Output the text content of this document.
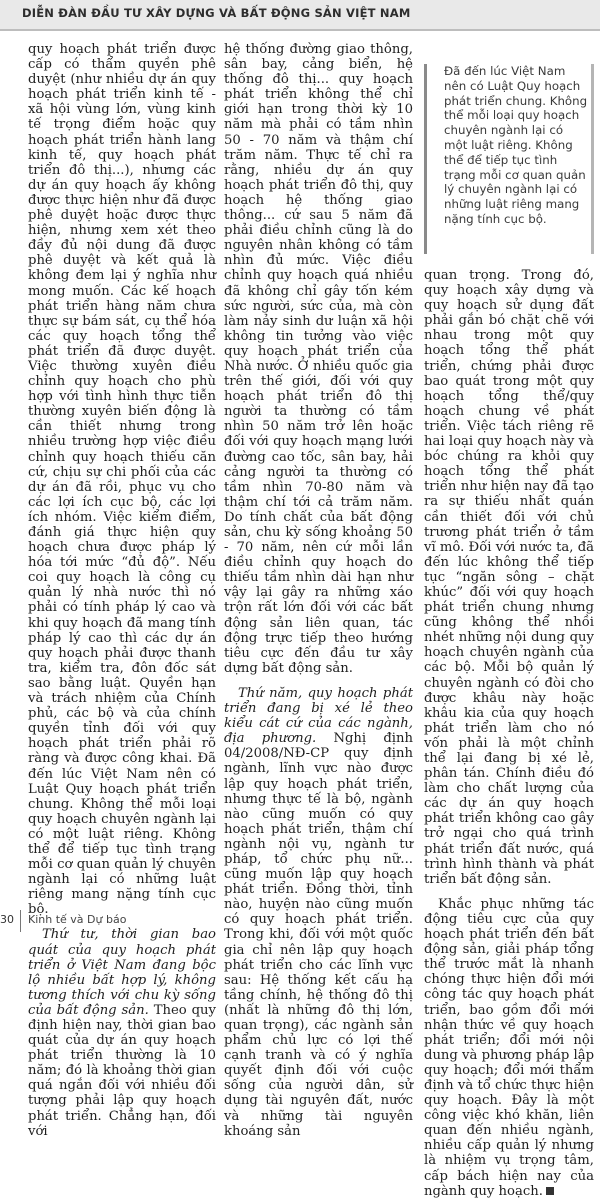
DIỄN ĐÀN ĐẦU TƯ XÂY DỰNG VÀ BẤT ĐỘNG SẢN VIỆT NAM

quy hoạch phát triển được cấp có thẩm quyền phê duyệt (như nhiều dự án quy hoạch phát triển kinh tế - xã hội vùng lớn, vùng kinh tế trọng điểm hoặc quy hoạch phát triển hành lang kinh tế, quy hoạch phát triển đô thị...), nhưng các dự án quy hoạch ấy không được thực hiện như đã được phê duyệt hoặc được thực hiện, nhưng xem xét theo đầy đủ nội dung đã được phê duyệt và kết quả là không đem lại ý nghĩa như mong muốn. Các kế hoạch phát triển hàng năm chưa thực sự bám sát, cụ thể hóa các quy hoạch tổng thể phát triển đã được duyệt. Việc thường xuyên điều chỉnh quy hoạch cho phù hợp với tình hình thực tiễn thường xuyên biến động là cần thiết nhưng trong nhiều trường hợp việc điều chỉnh quy hoạch thiếu căn cứ, chịu sự chi phối của các dự án đã rồi, phục vụ cho các lợi ích cục bộ, các lợi ích nhóm. Việc kiểm điểm, đánh giá thực hiện quy hoạch chưa được pháp lý hóa tới mức “đủ độ”. Nếu coi quy hoạch là công cụ quản lý nhà nước thì nó phải có tính pháp lý cao và khi quy hoạch đã mang tính pháp lý cao thì các dự án quy hoạch phải được thanh tra, kiểm tra, đôn đốc sát sao bằng luật. Quyền hạn và trách nhiệm của Chính phủ, các bộ và của chính quyền tỉnh đối với quy hoạch phát triển phải rõ ràng và được công khai. Đã đến lúc Việt Nam nên có Luật Quy hoạch phát triển chung. Không thể mỗi loại quy hoạch chuyên ngành lại có một luật riêng. Không thể để tiếp tục tình trạng mỗi cơ quan quản lý chuyên ngành lại có những luật riêng mang nặng tính cục bộ.

Thứ tư, thời gian bao quát của quy hoạch phát triển ở Việt Nam đang bộc lộ nhiều bất hợp lý, không tương thích với chu kỳ sống của bất động sản. Theo quy định hiện nay, thời gian bao quát của dự án quy hoạch phát triển thường là 10 năm; đó là khoảng thời gian quá ngắn đối với nhiều đối tượng phải lập quy hoạch phát triển. Chẳng hạn, đối với

hệ thống đường giao thông, sân bay, cảng biển, hệ thống đô thị... quy hoạch phát triển không thể chỉ giới hạn trong thời kỳ 10 năm mà phải có tầm nhìn 50 - 70 năm và thậm chí trăm năm. Thực tế chỉ ra rằng, nhiều dự án quy hoạch phát triển đô thị, quy hoạch hệ thống giao thông... cứ sau 5 năm đã phải điều chỉnh cũng là do nguyên nhân không có tầm nhìn đủ mức. Việc điều chỉnh quy hoạch quá nhiều đã không chỉ gây tốn kém sức người, sức của, mà còn làm nảy sinh dư luận xã hội không tin tưởng vào việc quy hoạch phát triển của Nhà nước. Ở nhiều quốc gia trên thế giới, đối với quy hoạch phát triển đô thị người ta thường có tầm nhìn 50 năm trở lên hoặc đối với quy hoạch mạng lưới đường cao tốc, sân bay, hải cảng người ta thường có tầm nhìn 70-80 năm và thậm chí tới cả trăm năm. Do tính chất của bất động sản, chu kỳ sống khoảng 50 - 70 năm, nên cứ mỗi lần điều chỉnh quy hoạch do thiếu tầm nhìn dài hạn như vậy lại gây ra những xáo trộn rất lớn đối với các bất động sản liên quan, tác động trực tiếp theo hướng tiêu cực đến đầu tư xây dựng bất động sản.

Thứ năm, quy hoạch phát triển đang bị xé lẻ theo kiểu cát cứ của các ngành, địa phương. Nghị định 04/2008/NĐ-CP quy định ngành, lĩnh vực nào được lập quy hoạch phát triển, nhưng thực tế là bộ, ngành nào cũng muốn có quy hoạch phát triển, thậm chí ngành nội vụ, ngành tư pháp, tổ chức phụ nữ... cũng muốn lập quy hoạch phát triển. Đồng thời, tỉnh nào, huyện nào cũng muốn có quy hoạch phát triển. Trong khi, đối với một quốc gia chỉ nên lập quy hoạch phát triển cho các lĩnh vực sau: Hệ thống kết cấu hạ tầng chính, hệ thống đô thị (nhất là những đô thị lớn, quan trọng), các ngành sản phẩm chủ lực có lợi thế cạnh tranh và có ý nghĩa quyết định đối với cuộc sống của người dân, sử dụng tài nguyên đất, nước và những tài nguyên khoáng sản

Đã đến lúc Việt Nam nên có Luật Quy hoạch phát triển chung. Không thể mỗi loại quy hoạch chuyên ngành lại có một luật riêng. Không thể để tiếp tục tình trạng mỗi cơ quan quản lý chuyên ngành lại có những luật riêng mang nặng tính cục bộ.

quan trọng. Trong đó, quy hoạch xây dựng và quy hoạch sử dụng đất phải gắn bó chặt chẽ với nhau trong một quy hoạch tổng thể phát triển, chứng phải được bao quát trong một quy hoạch tổng thể/quy hoạch chung về phát triển. Việc tách riêng rẽ hai loại quy hoạch này và bóc chúng ra khỏi quy hoạch tổng thể phát triển như hiện nay đã tạo ra sự thiếu nhất quán cần thiết đối với chủ trương phát triển ở tầm vĩ mô. Đối với nước ta, đã đến lúc không thể tiếp tục “ngăn sông – chặt khúc” đối với quy hoạch phát triển chung nhưng cũng không thể nhồi nhét những nội dung quy hoạch chuyên ngành của các bộ. Mỗi bộ quản lý chuyên ngành có đòi cho được khâu này hoặc khâu kia của quy hoạch phát triển làm cho nó vốn phải là một chỉnh thể lại đang bị xé lẻ, phân tán. Chính điều đó làm cho chất lượng của các dự án quy hoạch phát triển không cao gây trở ngại cho quá trình phát triển đất nước, quá trình hình thành và phát triển bất động sản.

Khắc phục những tác động tiêu cực của quy hoạch phát triển đến bất động sản, giải pháp tổng thể trước mắt là nhanh chóng thực hiện đổi mới công tác quy hoạch phát triển, bao gồm đổi mới nhận thức về quy hoạch phát triển; đổi mới nội dung và phương pháp lập quy hoạch; đổi mới thẩm định và tổ chức thực hiện quy hoạch. Đây là một công việc khó khăn, liên quan đến nhiều ngành, nhiều cấp quản lý nhưng là nhiệm vụ trọng tâm, cấp bách hiện nay của ngành quy hoạch.

30 Kinh tế và Dự báo
